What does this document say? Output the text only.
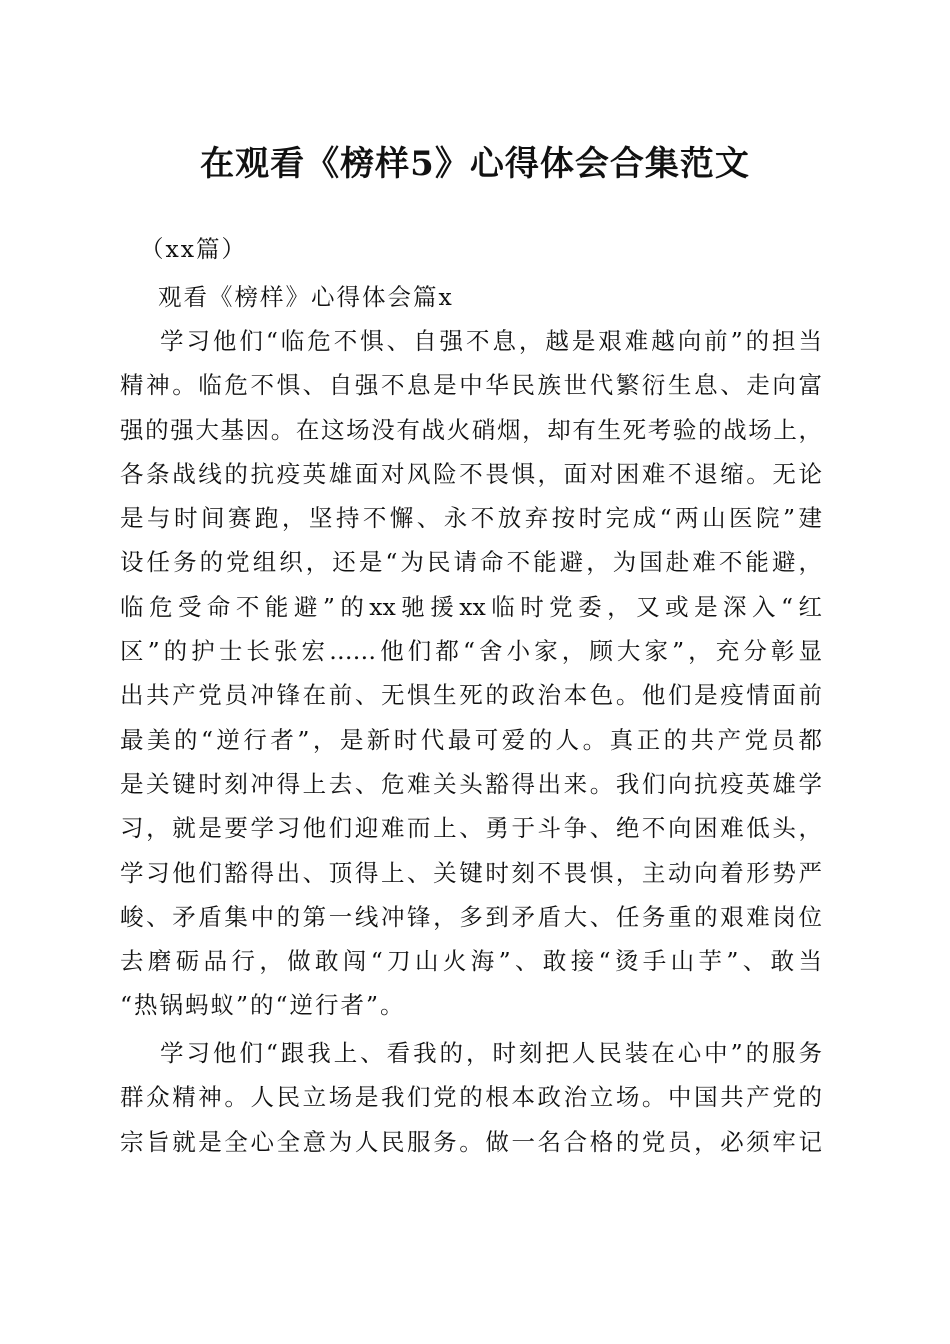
在观看《榜样5》心得体会合集范文
（xx篇）
观看《榜样》心得体会篇x
学习他们“临危不惧、自强不息，越是艰难越向前”的担当
精神。临危不惧、自强不息是中华民族世代繁衍生息、走向富
强的强大基因。在这场没有战火硝烟，却有生死考验的战场上，
各条战线的抗疫英雄面对风险不畏惧，面对困难不退缩。无论
是与时间赛跑，坚持不懈、永不放弃按时完成“两山医院”建
设任务的党组织，还是“为民请命不能避，为国赴难不能避，
临危受命不能避”的xx驰援xx临时党委，又或是深入“红
区”的护士长张宏……他们都“舍小家，顾大家”，充分彰显
出共产党员冲锋在前、无惧生死的政治本色。他们是疫情面前
最美的“逆行者”，是新时代最可爱的人。真正的共产党员都
是关键时刻冲得上去、危难关头豁得出来。我们向抗疫英雄学
习，就是要学习他们迎难而上、勇于斗争、绝不向困难低头，
学习他们豁得出、顶得上、关键时刻不畏惧，主动向着形势严
峻、矛盾集中的第一线冲锋，多到矛盾大、任务重的艰难岗位
去磨砺品行，做敢闯“刀山火海”、敢接“烫手山芋”、敢当
“热锅蚂蚁”的“逆行者”。
学习他们“跟我上、看我的，时刻把人民装在心中”的服务
群众精神。人民立场是我们党的根本政治立场。中国共产党的
宗旨就是全心全意为人民服务。做一名合格的党员，必须牢记
